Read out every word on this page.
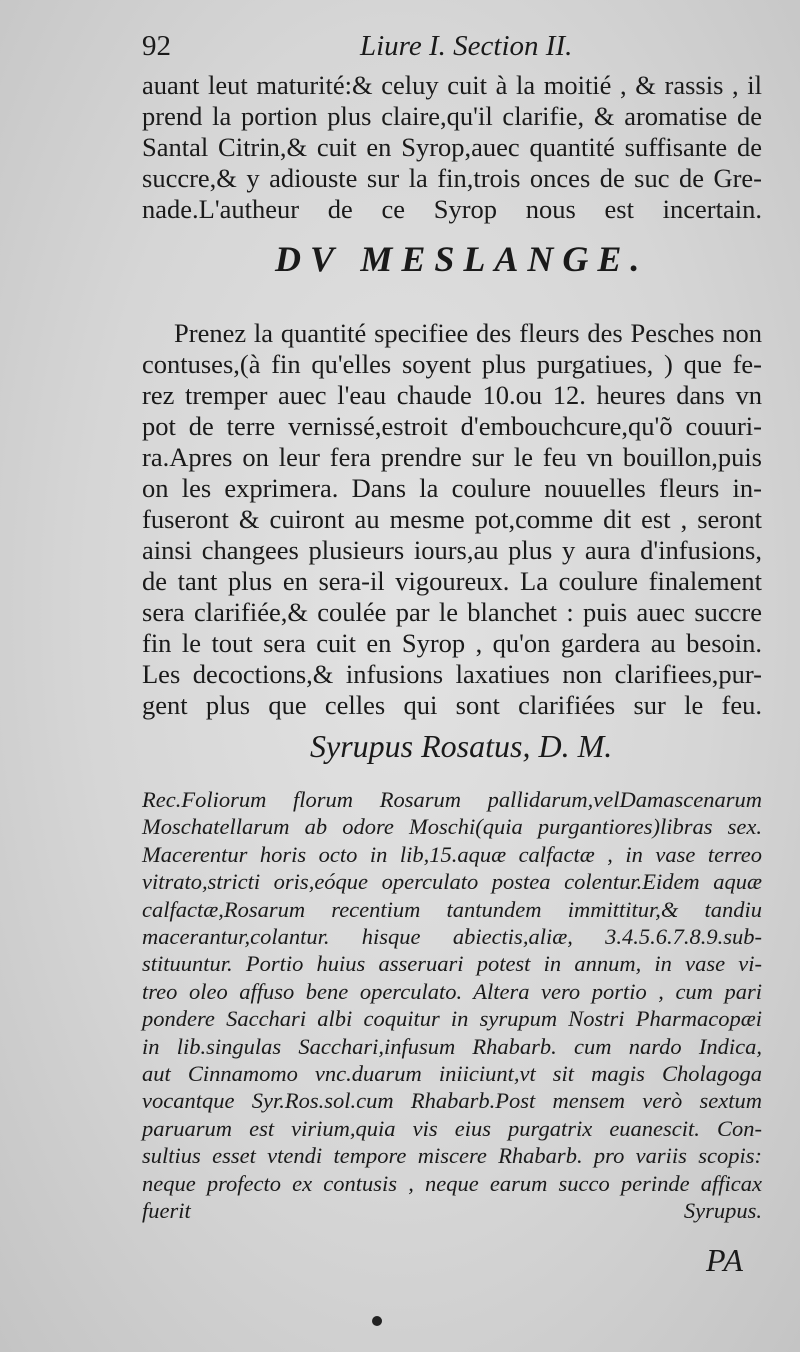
92	Liure I. Section II.
auant leut maturité:& celuy cuit à la moitié , & rassis , il
prend la portion plus claire,qu'il clarifie, & aromatise de
Santal Citrin,& cuit en Syrop,auec quantité suffisante de
succre,& y adiouste sur la fin,trois onces de suc de Gre-
nade.L'autheur de ce Syrop nous est incertain.
DV MESLANGE.
Prenez la quantité specifiee des fleurs des Pesches non
contuses,(à fin qu'elles soyent plus purgatiues, ) que fe-
rez tremper auec l'eau chaude 10.ou 12. heures dans vn
pot de terre vernissé,estroit d'embouchcure,qu'õ couuri-
ra.Apres on leur fera prendre sur le feu vn bouillon,puis
on les exprimera. Dans la coulure nouuelles fleurs in-
fuseront & cuiront au mesme pot,comme dit est , seront
ainsi changees plusieurs iours,au plus y aura d'infusions,
de tant plus en sera-il vigoureux. La coulure finalement
sera clarifiée,& coulée par le blanchet : puis auec succre
fin le tout sera cuit en Syrop , qu'on gardera au besoin.
Les decoctions,& infusions laxatiues non clarifiees,pur-
gent plus que celles qui sont clarifiées sur le feu.
Syrupus Rosatus, D. M.
Rec.Foliorum florum Rosarum pallidarum,velDamascenarum
Moschatellarum ab odore Moschi(quia purgantiores)libras sex.
Macerentur horis octo in lib,15.aquæ calfactæ , in vase terreo
vitrato,stricti oris,eóque operculato postea colentur.Eidem aquæ
calfactæ,Rosarum recentium tantundem immittitur,& tandiu
macerantur,colantur. hisque abiectis,aliæ, 3.4.5.6.7.8.9.sub-
stituuntur. Portio huius asseruari potest in annum, in vase vi-
treo oleo affuso bene operculato. Altera vero portio , cum pari
pondere Sacchari albi coquitur in syrupum Nostri Pharmacopæi
in lib.singulas Sacchari,infusum Rhabarb. cum nardo Indica,
aut Cinnamomo vnc.duarum iniiciunt,vt sit magis Cholagoga
vocantque Syr.Ros.sol.cum Rhabarb.Post mensem verò sextum
paruarum est virium,quia vis eius purgatrix euanescit. Con-
sultius esset vtendi tempore miscere Rhabarb. pro variis scopis:
neque profecto ex contusis , neque earum succo perinde afficax
fuerit Syrupus.
PA
